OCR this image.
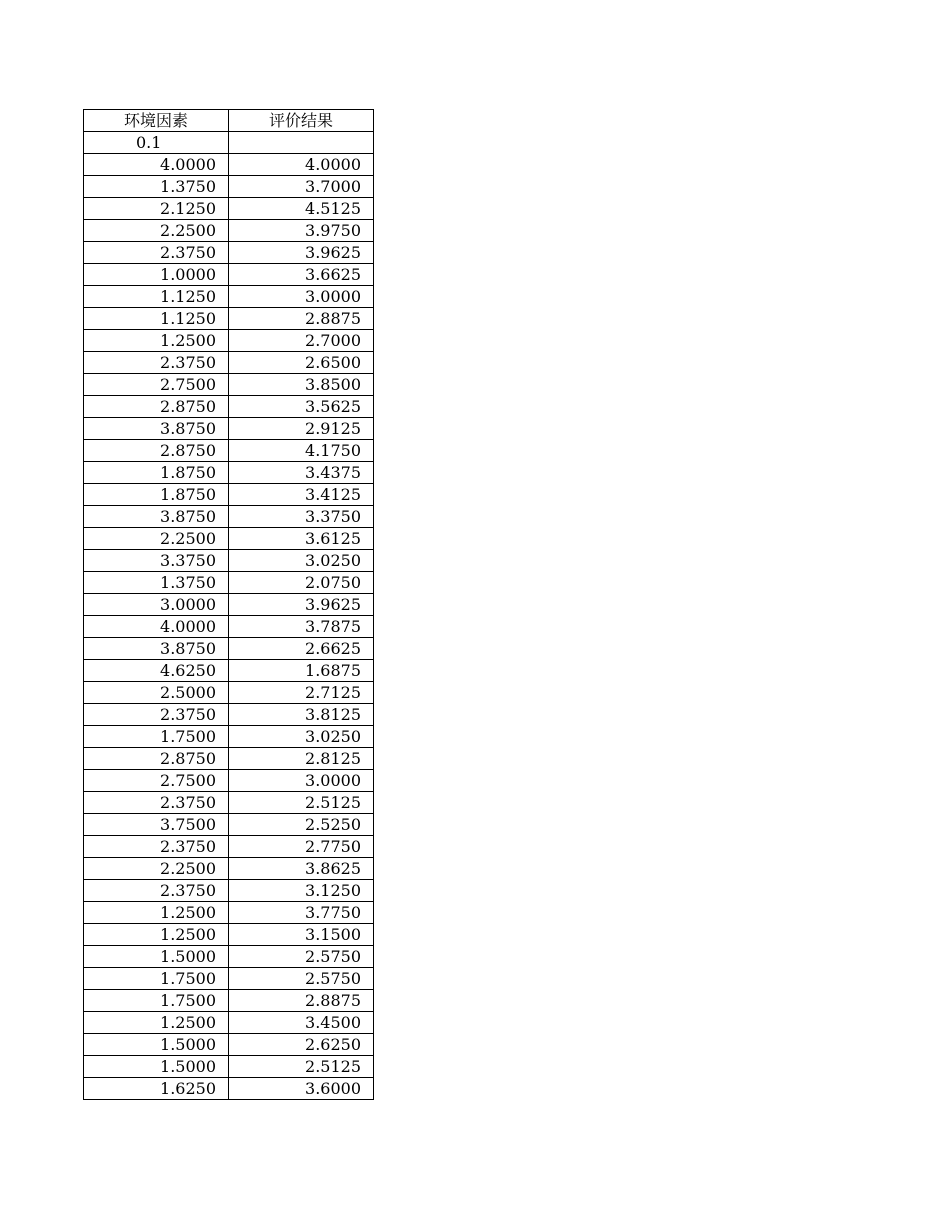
环境因素	评价结果
0.1	
4.0000	4.0000
1.3750	3.7000
2.1250	4.5125
2.2500	3.9750
2.3750	3.9625
1.0000	3.6625
1.1250	3.0000
1.1250	2.8875
1.2500	2.7000
2.3750	2.6500
2.7500	3.8500
2.8750	3.5625
3.8750	2.9125
2.8750	4.1750
1.8750	3.4375
1.8750	3.4125
3.8750	3.3750
2.2500	3.6125
3.3750	3.0250
1.3750	2.0750
3.0000	3.9625
4.0000	3.7875
3.8750	2.6625
4.6250	1.6875
2.5000	2.7125
2.3750	3.8125
1.7500	3.0250
2.8750	2.8125
2.7500	3.0000
2.3750	2.5125
3.7500	2.5250
2.3750	2.7750
2.2500	3.8625
2.3750	3.1250
1.2500	3.7750
1.2500	3.1500
1.5000	2.5750
1.7500	2.5750
1.7500	2.8875
1.2500	3.4500
1.5000	2.6250
1.5000	2.5125
1.6250	3.6000
